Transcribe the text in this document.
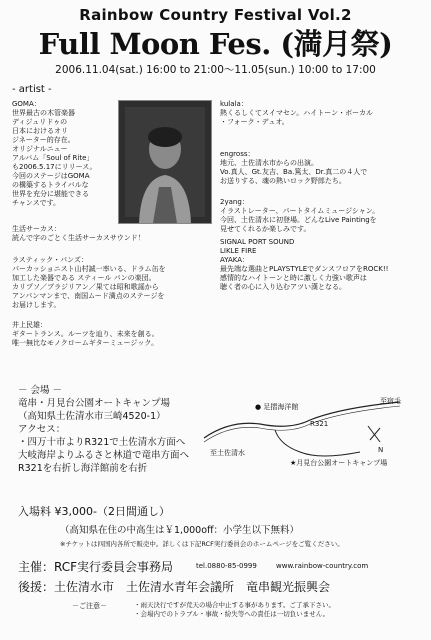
Rainbow Country Festival Vol.2
Full Moon Fes. (満月祭)
2006.11.04(sat.) 16:00 to 21:00～11.05(sun.) 10:00 to 17:00
- artist -
GOMA：
世界最古の木管楽器
ディジュリドゥの
日本におけるオリ
ジネーター的存在。
オリジナルニュー
アルバム「Soul of Rite」
も2006.5.17にリリース。
今回のステージはGOMA
の構築するトライバルな
世界を充分に堪能できる
チャンスです。
生活サーカス：
読んで字のごとく生活サーカスサウンド！
ラスティック・パンズ：
パーカッショニスト山村誠一率いる、ドラム缶を
加工した楽器である スティール パンの楽団。
カリプソ／ブラジリアン／果ては昭和歌謡から
アンパンマンまで、南国ムード満点のステージを
お届けします。
井上民雄：
ギタートランス。ルーツを辿り、未来を創る。
唯一無比なモノクロームギターミュージック。
kulala：
熱くるしくてスイマセン。ハイトーン・ボーカル
・フォーク・デュオ。
engross：
地元、土佐清水市からの出演。
Vo.真人、Gt.友吉、Ba.篤太、Dr.真二の４人で
お送りする、魂の熱いロック野郎たち。
2yang：
イラストレーター、パートタイムミュージシャン。
今回、土佐清水に初登場。どんなLive Paintingを
見せてくれるか楽しみです。
SIGNAL PORT SOUND
LIKLE FIRE
AYAKA：
最先端な選曲とPLAYSTYLEでダンスフロアをROCK!!
感情的なハイトーンと時に激しく力強い歌声は
聴く者の心に入り込むアツい漢となる。
－ 会場 －
竜串・月見台公園オートキャンプ場
（高知県土佐清水市三崎4520-1）
アクセス：
・四万十市よりR321で土佐清水方面へ
大岐海岸よりふるさと林道で竜串方面へ
R321を右折し海洋館前を右折
● 足摺海洋館
R321
N
至宿毛
至土佐清水
★月見台公園オートキャンプ場
入場料 ¥3,000-（2日間通し）
（高知県在住の中高生は￥1,000off：小学生以下無料）
※チケットは四国内各所で販売中。詳しくは下記RCF実行委員会のホームページをご覧ください。
主催：RCF実行委員会事務局	tel.0880-85-0999	www.rainbow-country.com
後援：土佐清水市　土佐清水青年会議所　竜串観光振興会
－ご注意－	・雨天決行ですが荒天の場合中止する事があります。ご了承下さい。
・会場内でのトラブル・事故・紛失等への責任は一切負いません。
